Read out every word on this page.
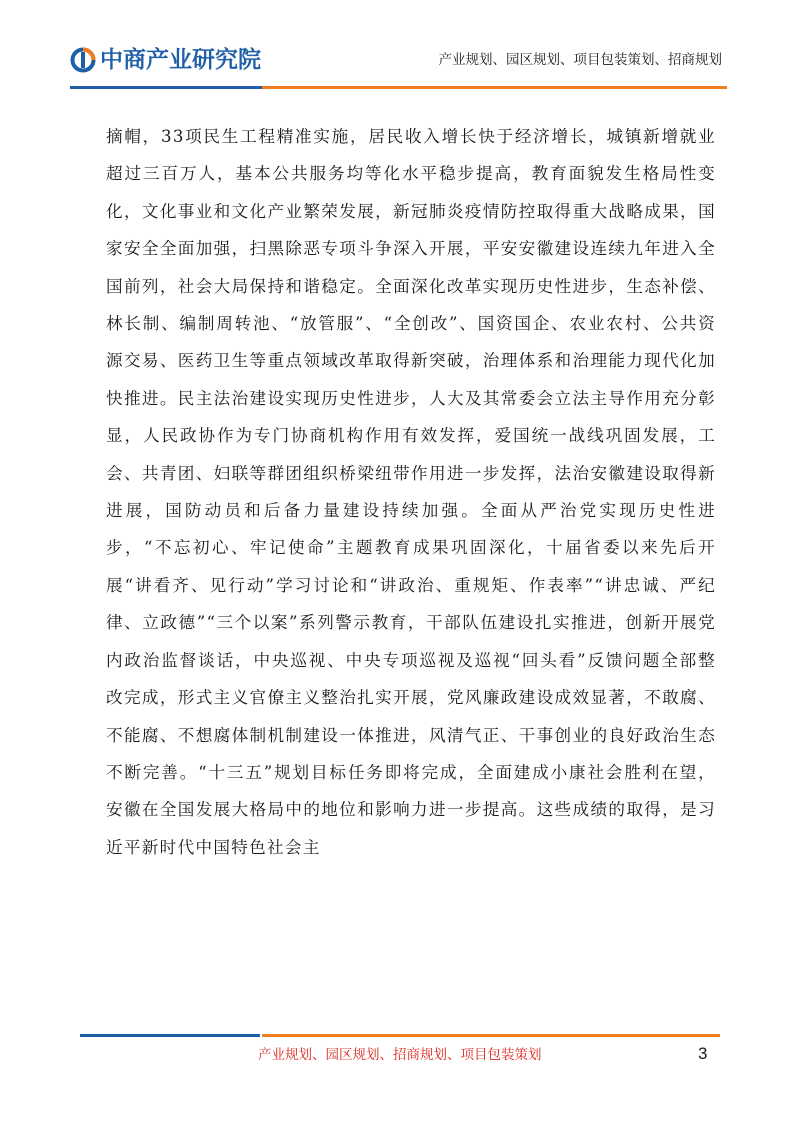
中商产业研究院	产业规划、园区规划、项目包装策划、招商规划

摘帽，33项民生工程精准实施，居民收入增长快于经济增长，城镇新增就业超过三百万人，基本公共服务均等化水平稳步提高，教育面貌发生格局性变化，文化事业和文化产业繁荣发展，新冠肺炎疫情防控取得重大战略成果，国家安全全面加强，扫黑除恶专项斗争深入开展，平安安徽建设连续九年进入全国前列，社会大局保持和谐稳定。全面深化改革实现历史性进步，生态补偿、林长制、编制周转池、“放管服”、“全创改”、国资国企、农业农村、公共资源交易、医药卫生等重点领域改革取得新突破，治理体系和治理能力现代化加快推进。民主法治建设实现历史性进步，人大及其常委会立法主导作用充分彰显，人民政协作为专门协商机构作用有效发挥，爱国统一战线巩固发展，工会、共青团、妇联等群团组织桥梁纽带作用进一步发挥，法治安徽建设取得新进展，国防动员和后备力量建设持续加强。全面从严治党实现历史性进步，“不忘初心、牢记使命”主题教育成果巩固深化，十届省委以来先后开展“讲看齐、见行动”学习讨论和“讲政治、重规矩、作表率”“讲忠诚、严纪律、立政德”“三个以案”系列警示教育，干部队伍建设扎实推进，创新开展党内政治监督谈话，中央巡视、中央专项巡视及巡视“回头看”反馈问题全部整改完成，形式主义官僚主义整治扎实开展，党风廉政建设成效显著，不敢腐、不能腐、不想腐体制机制建设一体推进，风清气正、干事创业的良好政治生态不断完善。“十三五”规划目标任务即将完成，全面建成小康社会胜利在望，安徽在全国发展大格局中的地位和影响力进一步提高。这些成绩的取得，是习近平新时代中国特色社会主

产业规划、园区规划、招商规划、项目包装策划	3
